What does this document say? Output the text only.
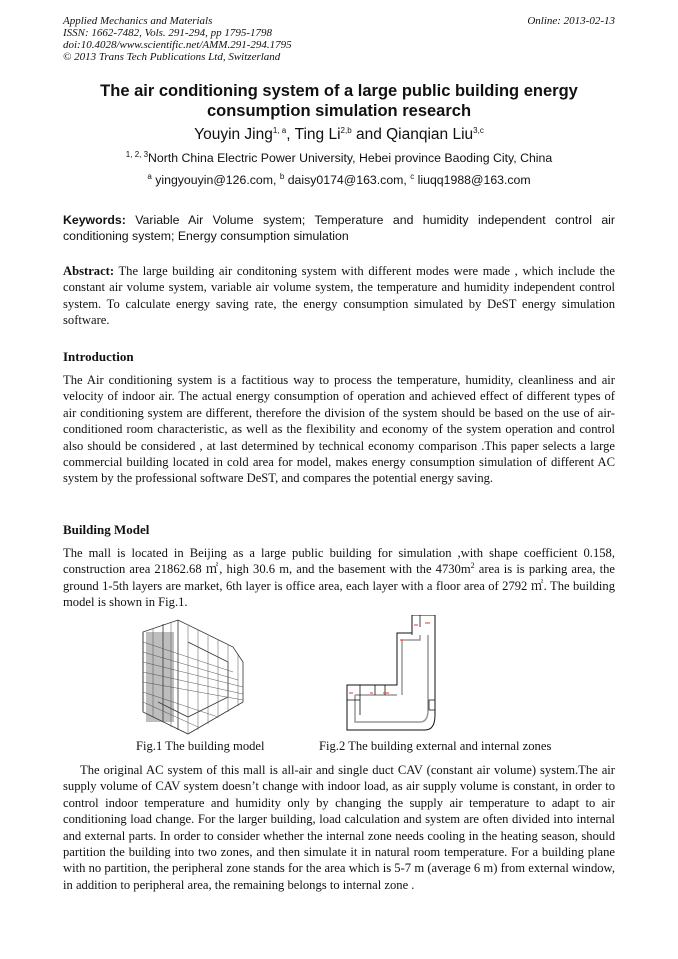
Applied Mechanics and Materials
ISSN: 1662-7482, Vols. 291-294, pp 1795-1798
doi:10.4028/www.scientific.net/AMM.291-294.1795
© 2013 Trans Tech Publications Ltd, Switzerland
Online: 2013-02-13
The air conditioning system of a large public building energy consumption simulation research
Youyin Jing$^{1, a}$, Ting Li$^{2,b}$ and Qianqian Liu$^{3,c}$
$^{1, 2, 3}$North China Electric Power University, Hebei province Baoding City, China
$^a$ yingyouyin@126.com, $^b$ daisy0174@163.com, $^c$ liuqq1988@163.com
Keywords: Variable Air Volume system; Temperature and humidity independent control air conditioning system; Energy consumption simulation
Abstract: The large building air conditoning system with different modes were made , which include the constant air volume system, variable air volume system, the temperature and humidity independent control system. To calculate energy saving rate, the energy consumption simulated by DeST energy simulation software.
Introduction
The Air conditioning system is a factitious way to process the temperature, humidity, cleanliness and air velocity of indoor air. The actual energy consumption of operation and achieved effect of different types of air conditioning system are different, therefore the division of the system should be based on the use of air-conditioned room characteristic, as well as the flexibility and economy of the system operation and control also should be considered , at last determined by technical economy comparison .This paper selects a large commercial building located in cold area for model, makes energy consumption simulation of different AC system by the professional software DeST, and compares the potential energy saving.
Building Model
The mall is located in Beijing as a large public building for simulation ,with shape coefficient 0.158, construction area 21862.68 ㎡, high 30.6 m, and the basement with the $4730m^2$ area is is parking area, the ground 1-5th layers are market, 6th layer is office area, each layer with a floor area of 2792 ㎡. The building model is shown in Fig.1.
Fig.1 The building model	Fig.2 The building external and internal zones
The original AC system of this mall is all-air and single duct CAV (constant air volume) system.The air supply volume of CAV system doesn’t change with indoor load, as air supply volume is constant, in order to control indoor temperature and humidity only by changing the supply air temperature to adapt to air conditioning load change. For the larger building, load calculation and system are often divided into internal and external parts. In order to consider whether the internal zone needs cooling in the heating season, should partition the building into two zones, and then simulate it in natural room temperature. For a building plane with no partition, the peripheral zone stands for the area which is 5-7 m (average 6 m) from external window, in addition to peripheral area, the remaining belongs to internal zone .
